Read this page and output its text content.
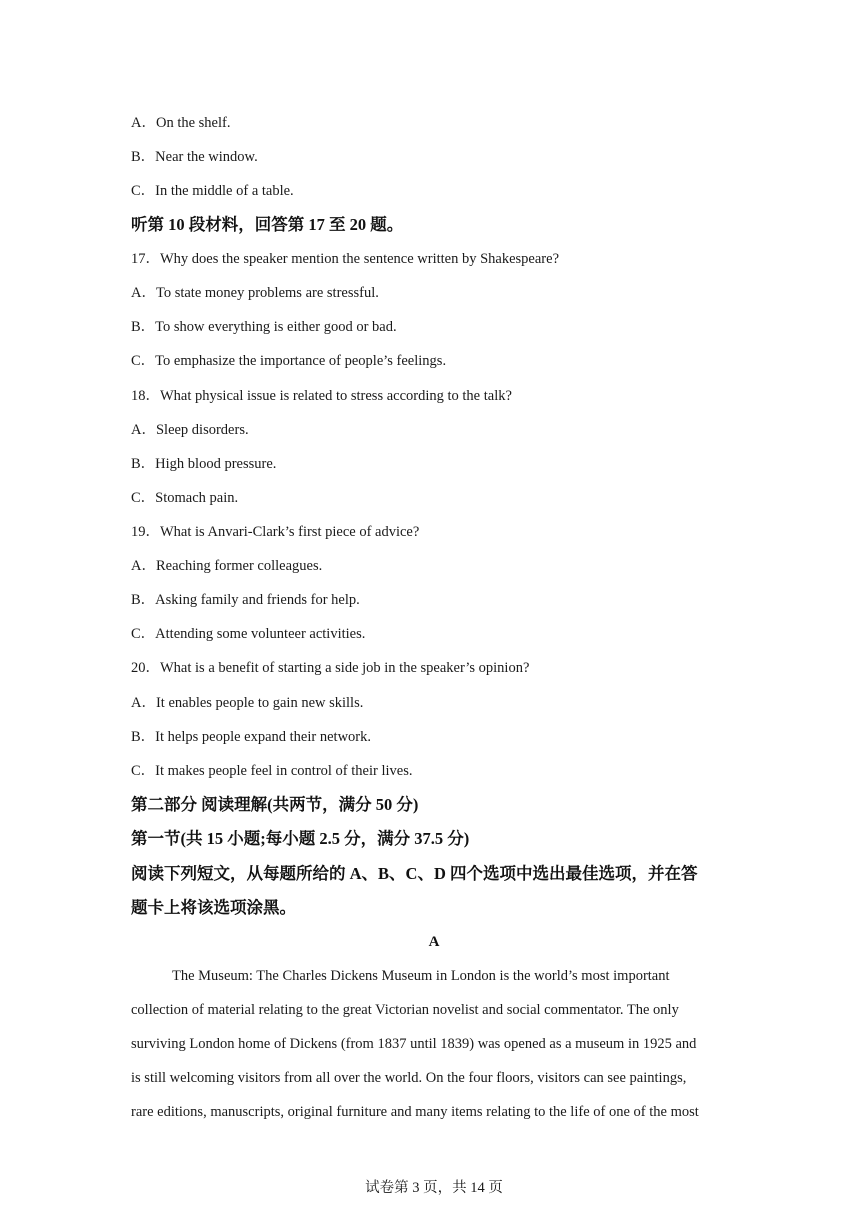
A．On the shelf.
B．Near the window.
C．In the middle of a table.
听第 10 段材料，回答第 17 至 20 题。
17．Why does the speaker mention the sentence written by Shakespeare?
A．To state money problems are stressful.
B．To show everything is either good or bad.
C．To emphasize the importance of people’s feelings.
18．What physical issue is related to stress according to the talk?
A．Sleep disorders.
B．High blood pressure.
C．Stomach pain.
19．What is Anvari-Clark’s first piece of advice?
A．Reaching former colleagues.
B．Asking family and friends for help.
C．Attending some volunteer activities.
20．What is a benefit of starting a side job in the speaker’s opinion?
A．It enables people to gain new skills.
B．It helps people expand their network.
C．It makes people feel in control of their lives.
第二部分 阅读理解(共两节，满分 50 分)
第一节(共 15 小题;每小题 2.5 分，满分 37.5 分)
阅读下列短文，从每题所给的 A、B、C、D 四个选项中选出最佳选项，并在答
题卡上将该选项涂黑。
A
The Museum: The Charles Dickens Museum in London is the world’s most important
collection of material relating to the great Victorian novelist and social commentator. The only
surviving London home of Dickens (from 1837 until 1839) was opened as a museum in 1925 and
is still welcoming visitors from all over the world. On the four floors, visitors can see paintings,
rare editions, manuscripts, original furniture and many items relating to the life of one of the most
试卷第 3 页，共 14 页
